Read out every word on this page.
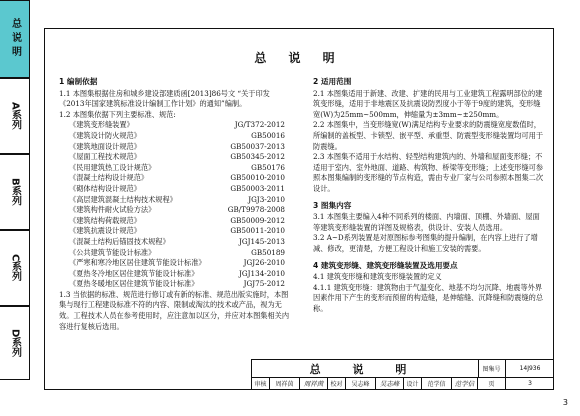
总说明
A系列
B系列
C系列
D系列
总 说 明
1 编制依据
1.1 本图集根据住房和城乡建设部建质函[2013]86号文 “关于印发《2013年国家建筑标准设计编制工作计划》的通知”编制。
1.2 本图集依据下列主要标准、规范:
《建筑变形缝装置》	JG/T372-2012
《建筑设计防火规范》	GB50016
《建筑地面设计规范》	GB50037-2013
《屋面工程技术规范》	GB50345-2012
《民用建筑热工设计规范》	GB50176
《混凝土结构设计规范》	GB50010-2010
《砌体结构设计规范》	GB50003-2011
《高层建筑混凝土结构技术规程》	JGJ3-2010
《建筑构件耐火试验方法》	GB/T9978-2008
《建筑结构荷载规范》	GB50009-2012
《建筑抗震设计规范》	GB50011-2010
《混凝土结构后锚固技术规程》	JGJ145-2013
《公共建筑节能设计标准》	GB50189
《严寒和寒冷地区居住建筑节能设计标准》	JGJ26-2010
《夏热冬冷地区居住建筑节能设计标准》	JGJ134-2010
《夏热冬暖地区居住建筑节能设计标准》	JGJ75-2012
1.3 当依据的标准、规范进行修订或有新的标准、规范出版实施时，本图集与现行工程建设标准不符的内容、限制或淘汰的技术或产品，视为无效。工程技术人员在参考使用时，应注意加以区分，并应对本图集相关内容进行复核后选用。
2 适用范围
2.1 本图集适用于新建、改建、扩建的民用与工业建筑工程露明部位的建筑变形缝，适用于非地震区及抗震设防烈度小于等于9度的建筑，变形缝宽(W)为25mm~500mm，伸缩量为±3mm~±250mm。
2.2 本图集中，当变形缝宽(W)满足结构专业要求的防震缝宽度数值时，所编制的盖板型、卡锁型、嵌平型、承重型、防震型变形缝装置均可用于防震缝。
2.3 本图集不适用于水结构、轻型结构建筑内的、外墙和屋面变形缝；不适用于室内、室外地面、道路、构筑物、桥梁等变形缝；上述变形缝可参照本图集编制的变形缝的节点构造，需由专业厂家与公司参照本图集二次设计。
3 图集内容
3.1 本图集主要编入4种不同系列的楼面、内墙面、顶棚、外墙面、屋面等建筑变形缝装置的详图及规格表，供设计、安装人员选用。
3.2 A~D系列装置是对原图标参考图集的提升编制，在内容上进行了增减、修改，更清楚，方便工程设计和施工安装的需要。
4 建筑变形缝、建筑变形缝装置及选用要点
4.1 建筑变形缝和建筑变形缝装置的定义
4.1.1 建筑变形缝：建筑物由于气温变化、地基不均匀沉降、地震等外界因素作用下产生的变形而预留的构造缝，是伸缩缝、沉降缝和防震缝的总称。
总 说 明	图集号	14J936
审核	周祥茵	周祥茵	校对	吴志峰	吴志峰	设计	范学信	范学信	页	3
3
